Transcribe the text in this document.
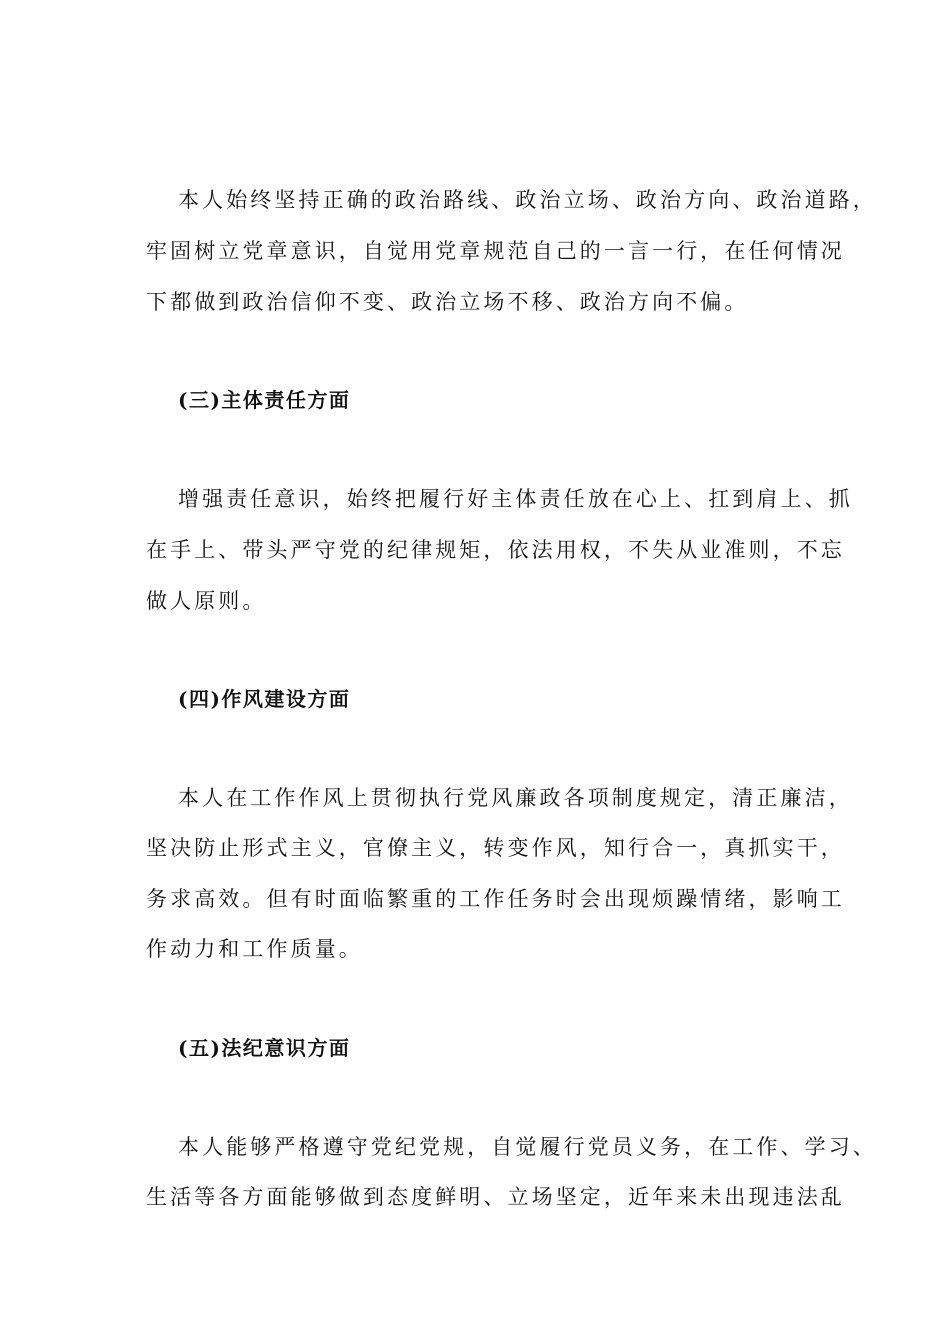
本人始终坚持正确的政治路线、政治立场、政治方向、政治道路，
牢固树立党章意识，自觉用党章规范自己的一言一行，在任何情况
下都做到政治信仰不变、政治立场不移、政治方向不偏。
(三)主体责任方面
增强责任意识，始终把履行好主体责任放在心上、扛到肩上、抓
在手上、带头严守党的纪律规矩，依法用权，不失从业准则，不忘
做人原则。
(四)作风建设方面
本人在工作作风上贯彻执行党风廉政各项制度规定，清正廉洁，
坚决防止形式主义，官僚主义，转变作风，知行合一，真抓实干，
务求高效。但有时面临繁重的工作任务时会出现烦躁情绪，影响工
作动力和工作质量。
(五)法纪意识方面
本人能够严格遵守党纪党规，自觉履行党员义务，在工作、学习、
生活等各方面能够做到态度鲜明、立场坚定，近年来未出现违法乱
